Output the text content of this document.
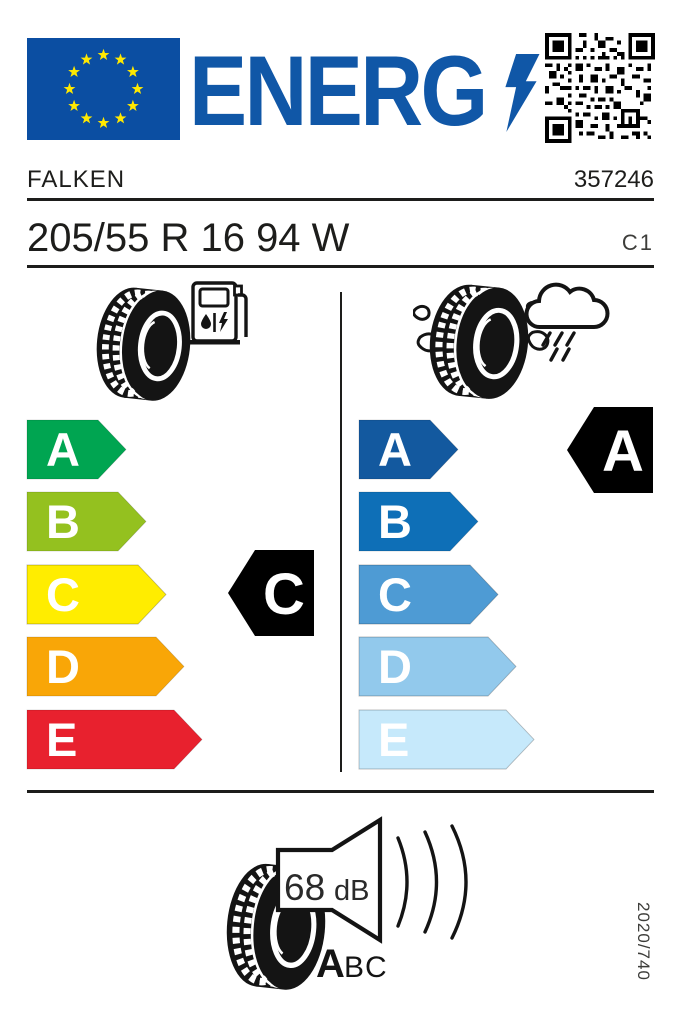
ENERG
FALKEN	357246
205/55 R 16 94 W	C1
A
B
C
D
E
C
A
B
C
D
E
A
68 dB
A BC	2020/740
